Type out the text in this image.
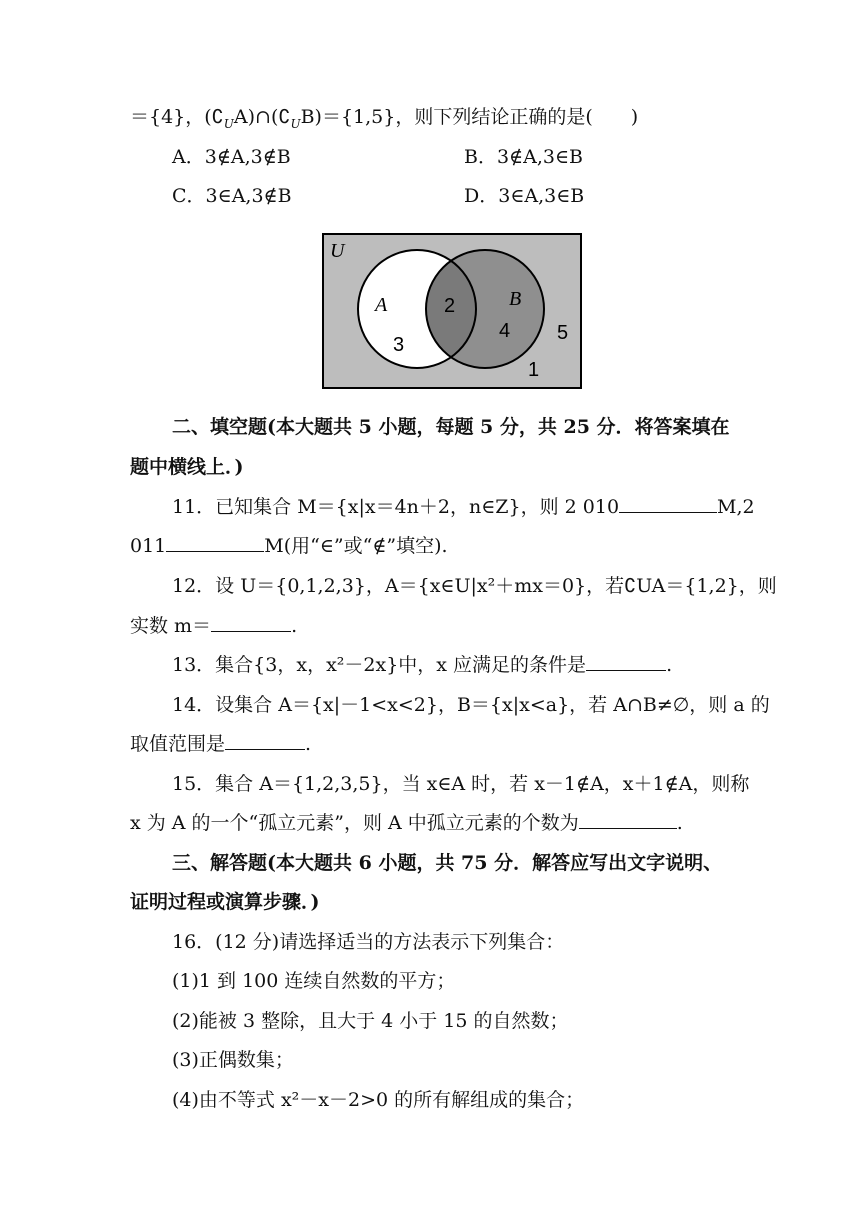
＝{4}，$(∁_UA)\cap(∁_UB)=\{1,5\}$，则下列结论正确的是(　　)
A．3∉A,3∉B	B．3∉A,3∈B
C．3∈A,3∉B	D．3∈A,3∈B
U
A	B
3
2
4 5
1
二、填空题(本大题共 5 小题，每题 5 分，共 25 分．将答案填在
题中横线上．)
11．已知集合 M＝{x|x＝4n＋2，n∈Z}，则 2 010	M,2
011	M(用“∈”或“∉”填空).
12．设 U＝{0,1,2,3}，A＝{x∈U|x²＋mx＝0}，若∁UA＝{1,2}，则
实数 m＝	.
13．集合{3，x，x²－2x}中，x 应满足的条件是	.
14．设集合 A＝{x|－1<x<2}，B＝{x|x<a}，若 A∩B≠∅，则 a 的
取值范围是	.
15．集合 A＝{1,2,3,5}，当 x∈A 时，若 x－1∉A，x＋1∉A，则称
x 为 A 的一个“孤立元素”，则 A 中孤立元素的个数为	.
三、解答题(本大题共 6 小题，共 75 分．解答应写出文字说明、
证明过程或演算步骤．)
16．(12 分)请选择适当的方法表示下列集合：
(1)1 到 100 连续自然数的平方；
(2)能被 3 整除，且大于 4 小于 15 的自然数；
(3)正偶数集；
(4)由不等式 x²－x－2>0 的所有解组成的集合；
